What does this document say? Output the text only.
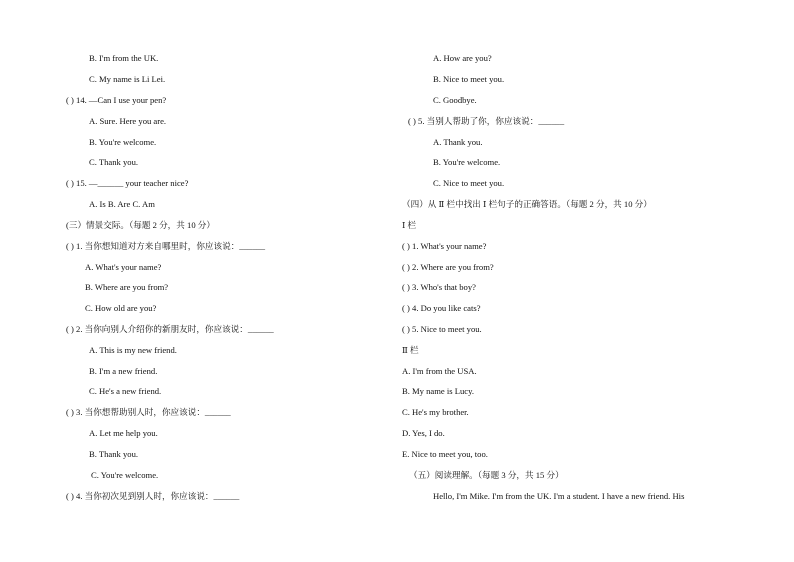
B. I'm from the UK.
C. My name is Li Lei.
( ) 14. —Can I use your pen?
A. Sure. Here you are.
B. You're welcome.
C. Thank you.
( ) 15. —______ your teacher nice?
A. Is B. Are C. Am
(三）情景交际。（每题 2 分，共 10 分）
( ) 1. 当你想知道对方来自哪里时，你应该说：______
A. What's your name?
B. Where are you from?
C. How old are you?
( ) 2. 当你向别人介绍你的新朋友时，你应该说：______
A. This is my new friend.
B. I'm a new friend.
C. He's a new friend.
( ) 3. 当你想帮助别人时，你应该说：______
A. Let me help you.
B. Thank you.
C. You're welcome.
( ) 4. 当你初次见到别人时，你应该说：______
A. How are you?
B. Nice to meet you.
C. Goodbye.
( ) 5. 当别人帮助了你，你应该说：______
A. Thank you.
B. You're welcome.
C. Nice to meet you.
（四）从 Ⅱ 栏中找出 Ⅰ 栏句子的正确答语。（每题 2 分，共 10 分）
Ⅰ 栏
( ) 1. What's your name?
( ) 2. Where are you from?
( ) 3. Who's that boy?
( ) 4. Do you like cats?
( ) 5. Nice to meet you.
Ⅱ 栏
A. I'm from the USA.
B. My name is Lucy.
C. He's my brother.
D. Yes, I do.
E. Nice to meet you, too.
（五）阅读理解。（每题 3 分，共 15 分）
Hello, I'm Mike. I'm from the UK. I'm a student. I have a new friend. His
